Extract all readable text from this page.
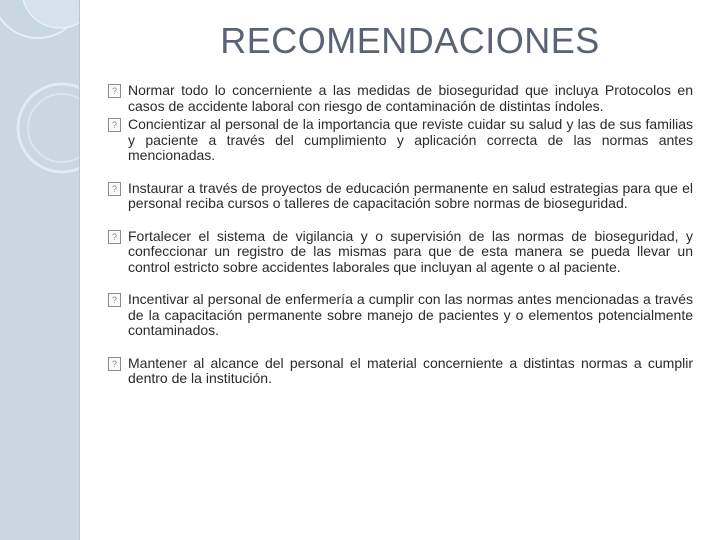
RECOMENDACIONES
? Normar todo lo concerniente a las medidas de bioseguridad que incluya Protocolos en casos de accidente laboral con riesgo de contaminación de distintas índoles.
? Concientizar al personal de la importancia que reviste cuidar su salud y las de sus familias y paciente a través del cumplimiento y aplicación correcta de las normas antes mencionadas.
? Instaurar a través de proyectos de educación permanente en salud estrategias para que el personal reciba cursos o talleres de capacitación sobre normas de bioseguridad.
? Fortalecer el sistema de vigilancia y o supervisión de las normas de bioseguridad, y confeccionar un registro de las mismas para que de esta manera se pueda llevar un control estricto sobre accidentes laborales que incluyan al agente o al paciente.
? Incentivar al personal de enfermería a cumplir con las normas antes mencionadas a través de la capacitación permanente sobre manejo de pacientes y o elementos potencialmente contaminados.
? Mantener al alcance del personal el material concerniente a distintas normas a cumplir dentro de la institución.
